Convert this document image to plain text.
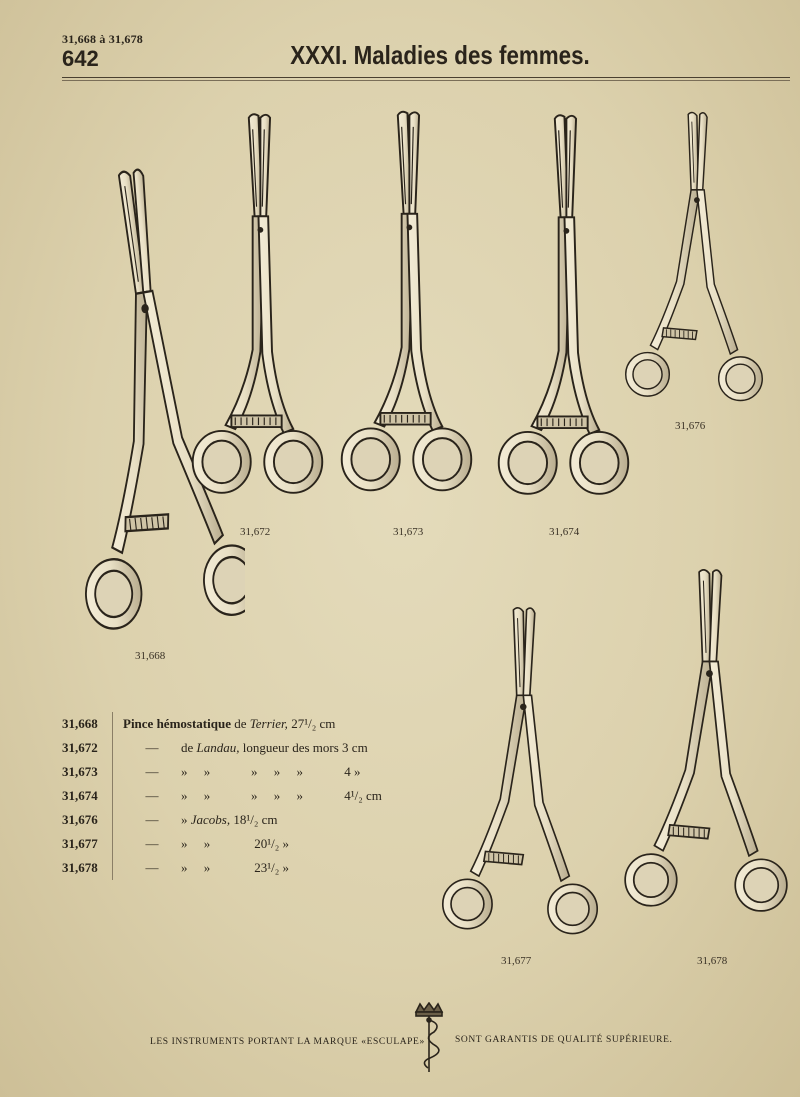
31,668 à 31,678
642	XXXI. Maladies des femmes.
31,668
31,672	31,673	31,674
31,676
31,677	31,678
31,668	Pince hémostatique de Terrier, 27¹/₂ cm
31,672	— de Landau, longueur des mors 3 cm
31,673	— »     »	»     »     »	4 »
31,674	— »     »	»     »     »	4¹/₂ cm
31,676	— » Jacobs, 18¹/₂ cm
31,677	— »     »	20¹/₂ »
31,678	— »     »	23¹/₂ »
LES INSTRUMENTS PORTANT LA MARQUE «ESCULAPE»	SONT GARANTIS DE QUALITÉ SUPÉRIEURE.
